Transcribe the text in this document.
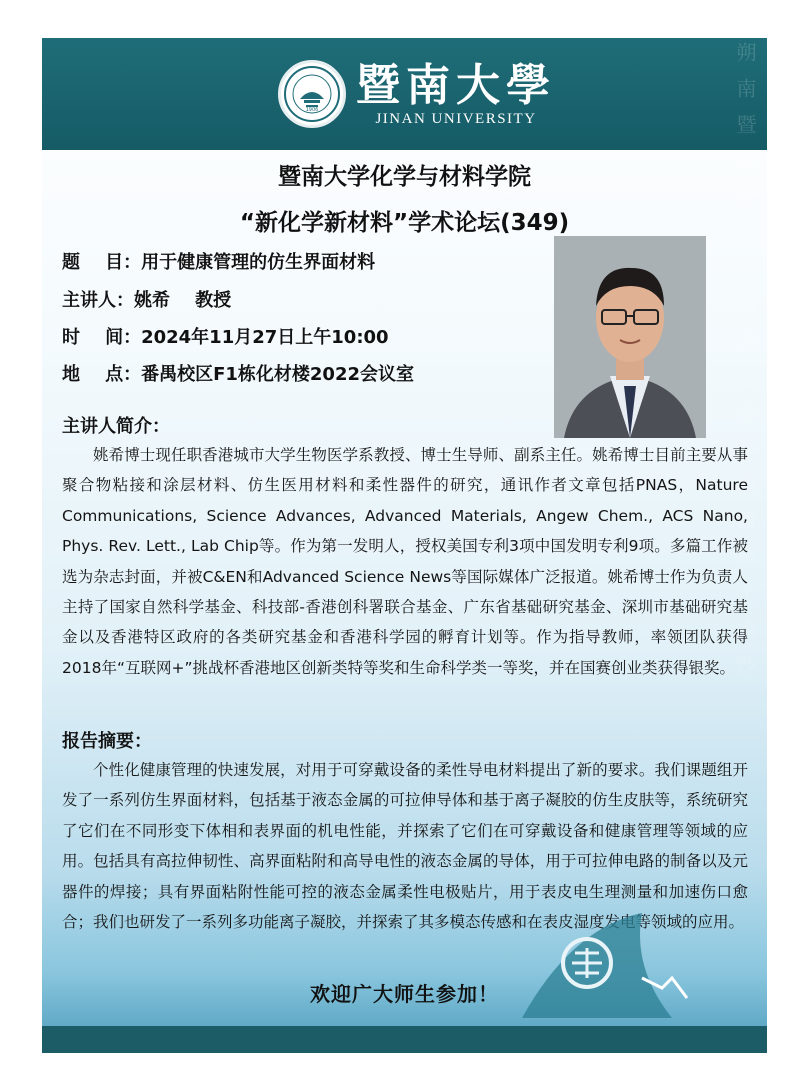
朔南暨声教讫于四海东渐于海西被于流沙
1906 暨南大學
JINAN UNIVERSITY
暨南大学化学与材料学院
“新化学新材料”学术论坛(349)
题    目：用于健康管理的仿生界面材料
主讲人：姚希    教授
时    间：2024年11月27日上午10:00
地    点：番禺校区F1栋化材楼2022会议室
主讲人简介：
姚希博士现任职香港城市大学生物医学系教授、博士生导师、副系主任。姚希博士目前主要从事聚合物粘接和涂层材料、仿生医用材料和柔性器件的研究，通讯作者文章包括PNAS，Nature Communications, Science Advances, Advanced Materials, Angew Chem., ACS Nano, Phys. Rev. Lett., Lab Chip等。作为第一发明人，授权美国专利3项中国发明专利9项。多篇工作被选为杂志封面，并被C&EN和Advanced Science News等国际媒体广泛报道。姚希博士作为负责人主持了国家自然科学基金、科技部-香港创科署联合基金、广东省基础研究基金、深圳市基础研究基金以及香港特区政府的各类研究基金和香港科学园的孵育计划等。作为指导教师，率领团队获得2018年“互联网+”挑战杯香港地区创新类特等奖和生命科学类一等奖，并在国赛创业类获得银奖。
报告摘要：
个性化健康管理的快速发展，对用于可穿戴设备的柔性导电材料提出了新的要求。我们课题组开发了一系列仿生界面材料，包括基于液态金属的可拉伸导体和基于离子凝胶的仿生皮肤等，系统研究了它们在不同形变下体相和表界面的机电性能，并探索了它们在可穿戴设备和健康管理等领域的应用。包括具有高拉伸韧性、高界面粘附和高导电性的液态金属的导体，用于可拉伸电路的制备以及元器件的焊接；具有界面粘附性能可控的液态金属柔性电极贴片，用于表皮电生理测量和加速伤口愈合；我们也研发了一系列多功能离子凝胶，并探索了其多模态传感和在表皮湿度发电等领域的应用。
欢迎广大师生参加！
